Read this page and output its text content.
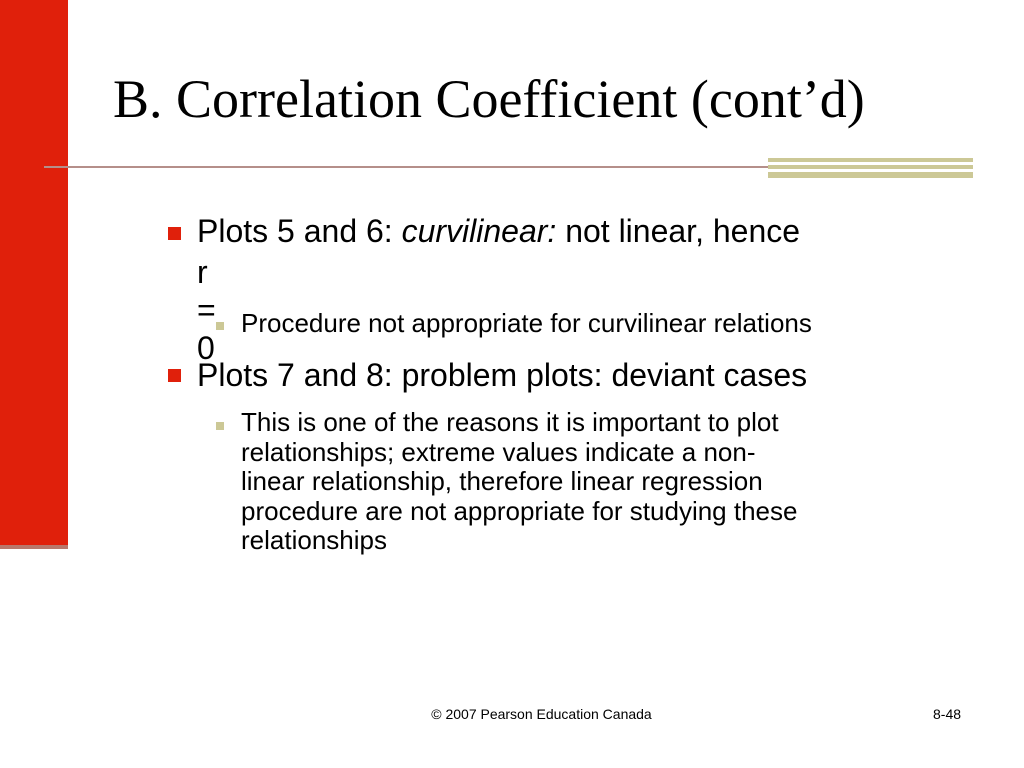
B. Correlation Coefficient (cont’d)

Plots 5 and 6: curvilinear: not linear, hence

r = 0

Procedure not appropriate for curvilinear relations

Plots 7 and 8: problem plots: deviant cases

This is one of the reasons it is important to plot
relationships; extreme values indicate a non-
linear relationship, therefore linear regression
procedure are not appropriate for studying these
relationships
© 2007 Pearson Education Canada	8-48
